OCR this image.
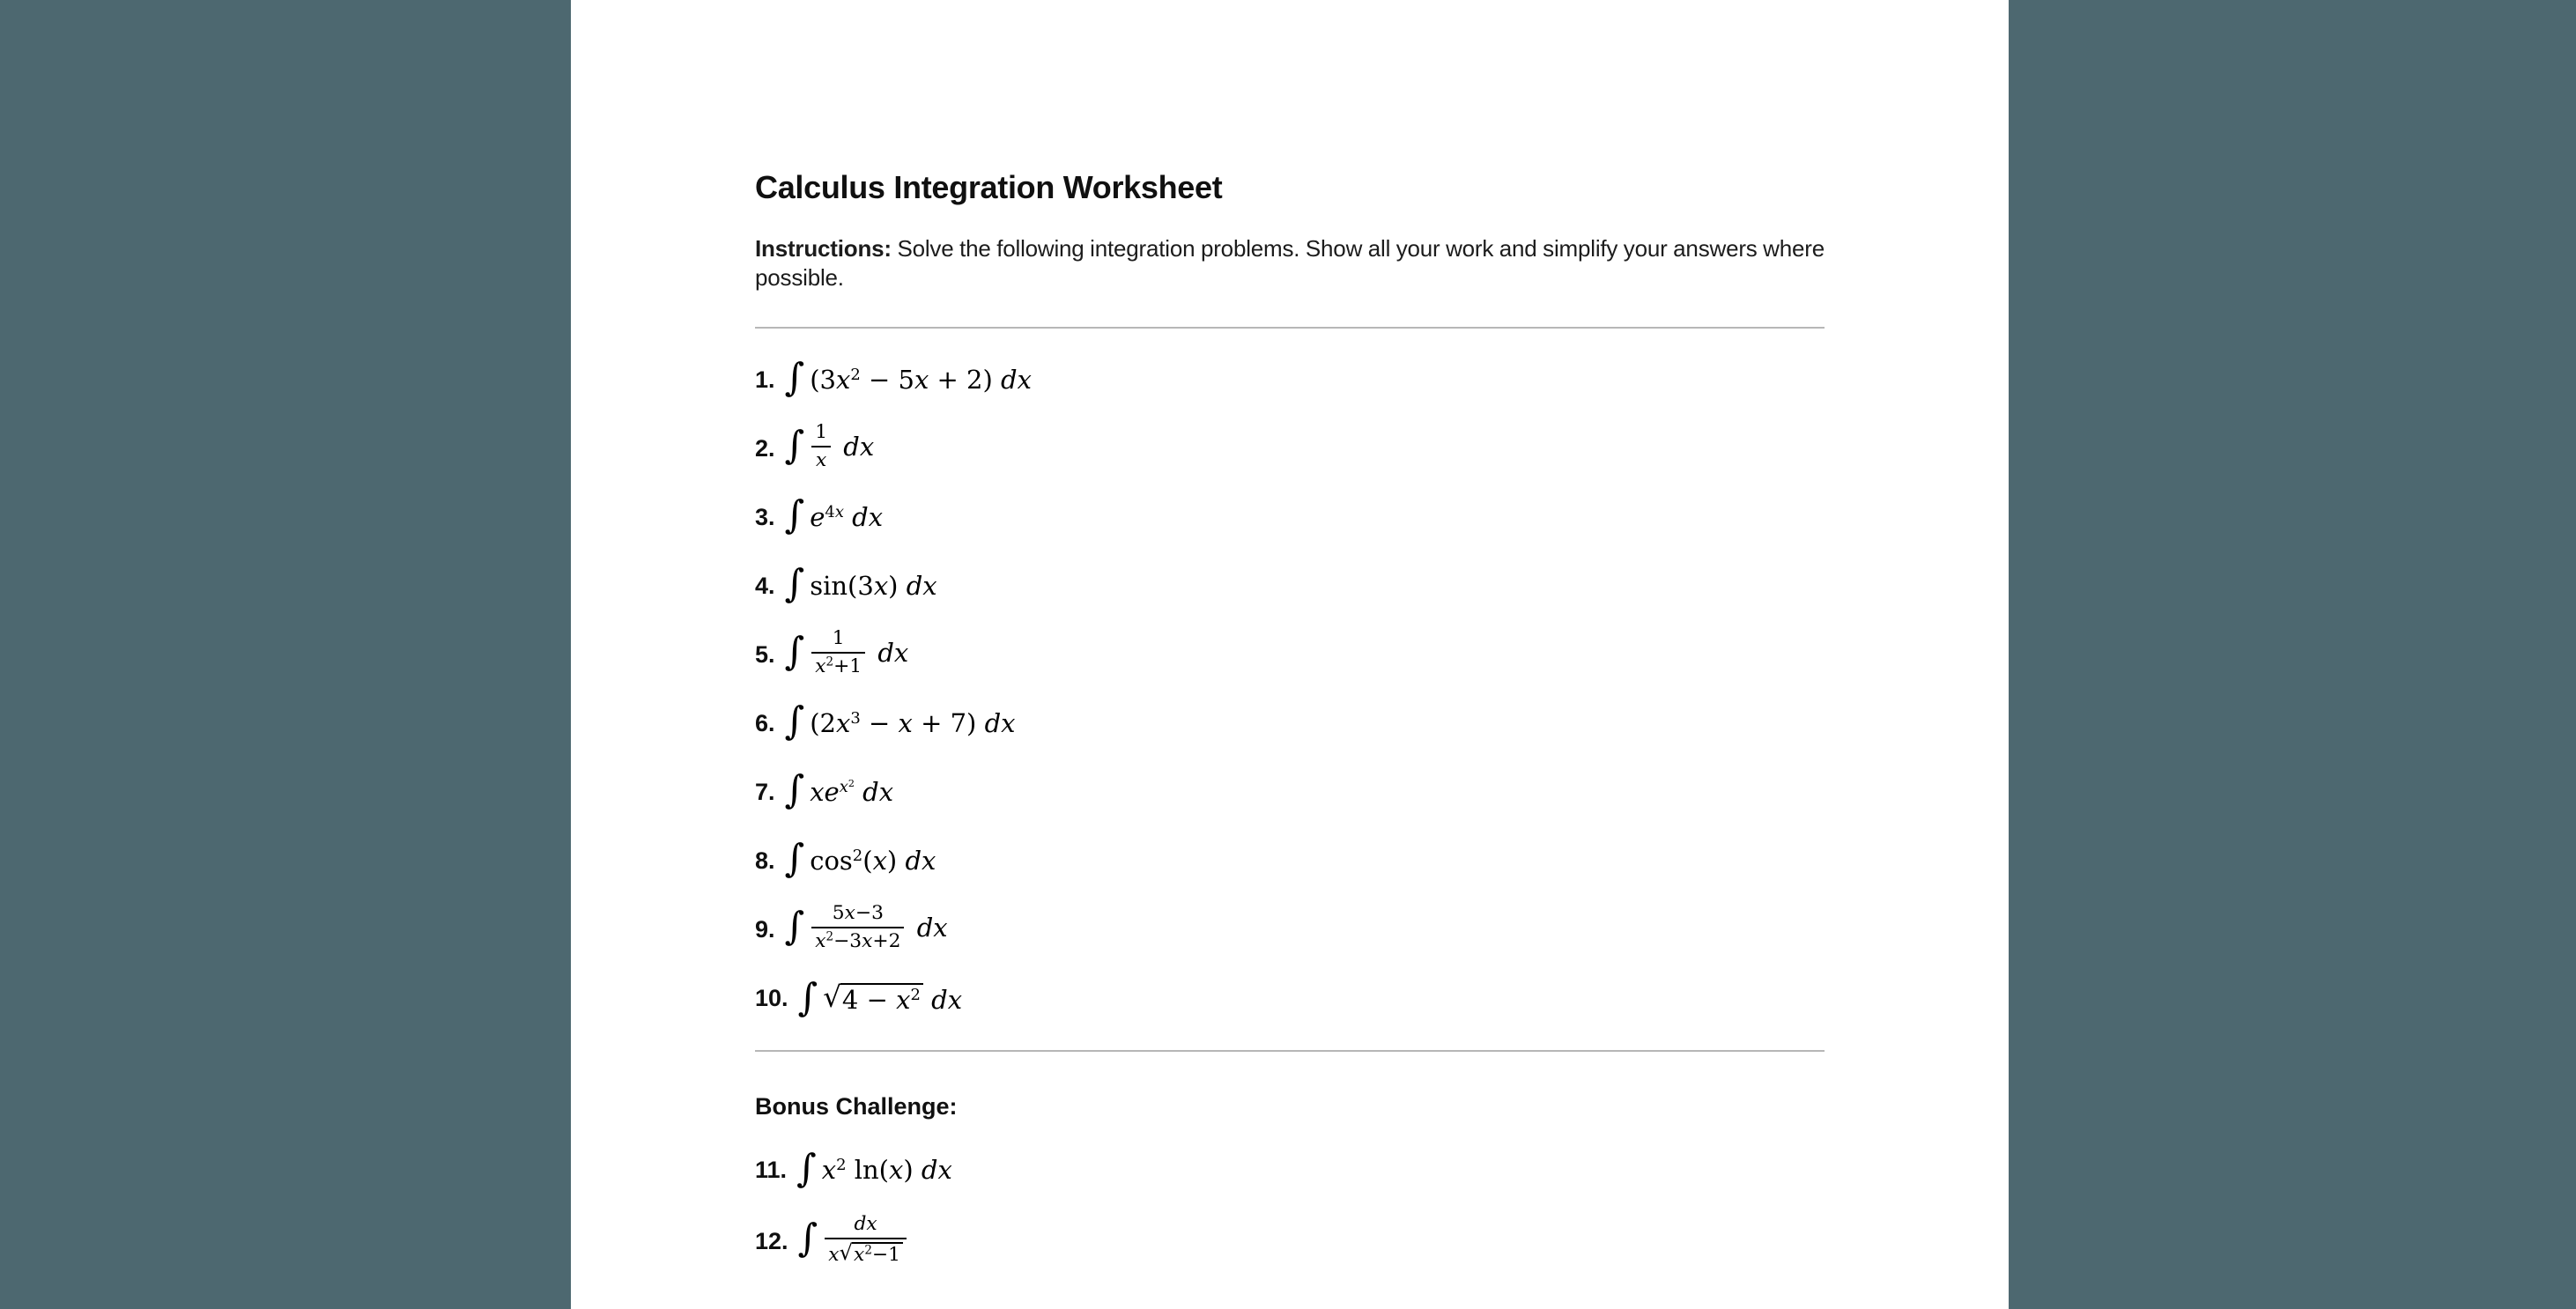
Calculus Integration Worksheet

Instructions: Solve the following integration problems. Show all your work and simplify your answers where possible.

1. ∫ $(3x^2 - 5x + 2)$ dx
2. ∫ $\frac{1}{x}$ dx
3. ∫ $e^{4x}$ dx
4. ∫ sin(3x) dx
5. ∫ $\frac{1}{x^2+1}$ dx
6. ∫ $(2x^3 - x + 7)$ dx
7. ∫ $xe^{x^2}$ dx
8. ∫ $\cos^2(x)$ dx
9. ∫ $\frac{5x-3}{x^2-3x+2}$ dx
10. ∫ $√4 - x^2$ dx
Bonus Challenge:
11. ∫ $x^2$ ln(x) dx
12. ∫ $\frac{dx}{x√x^2-1}$
